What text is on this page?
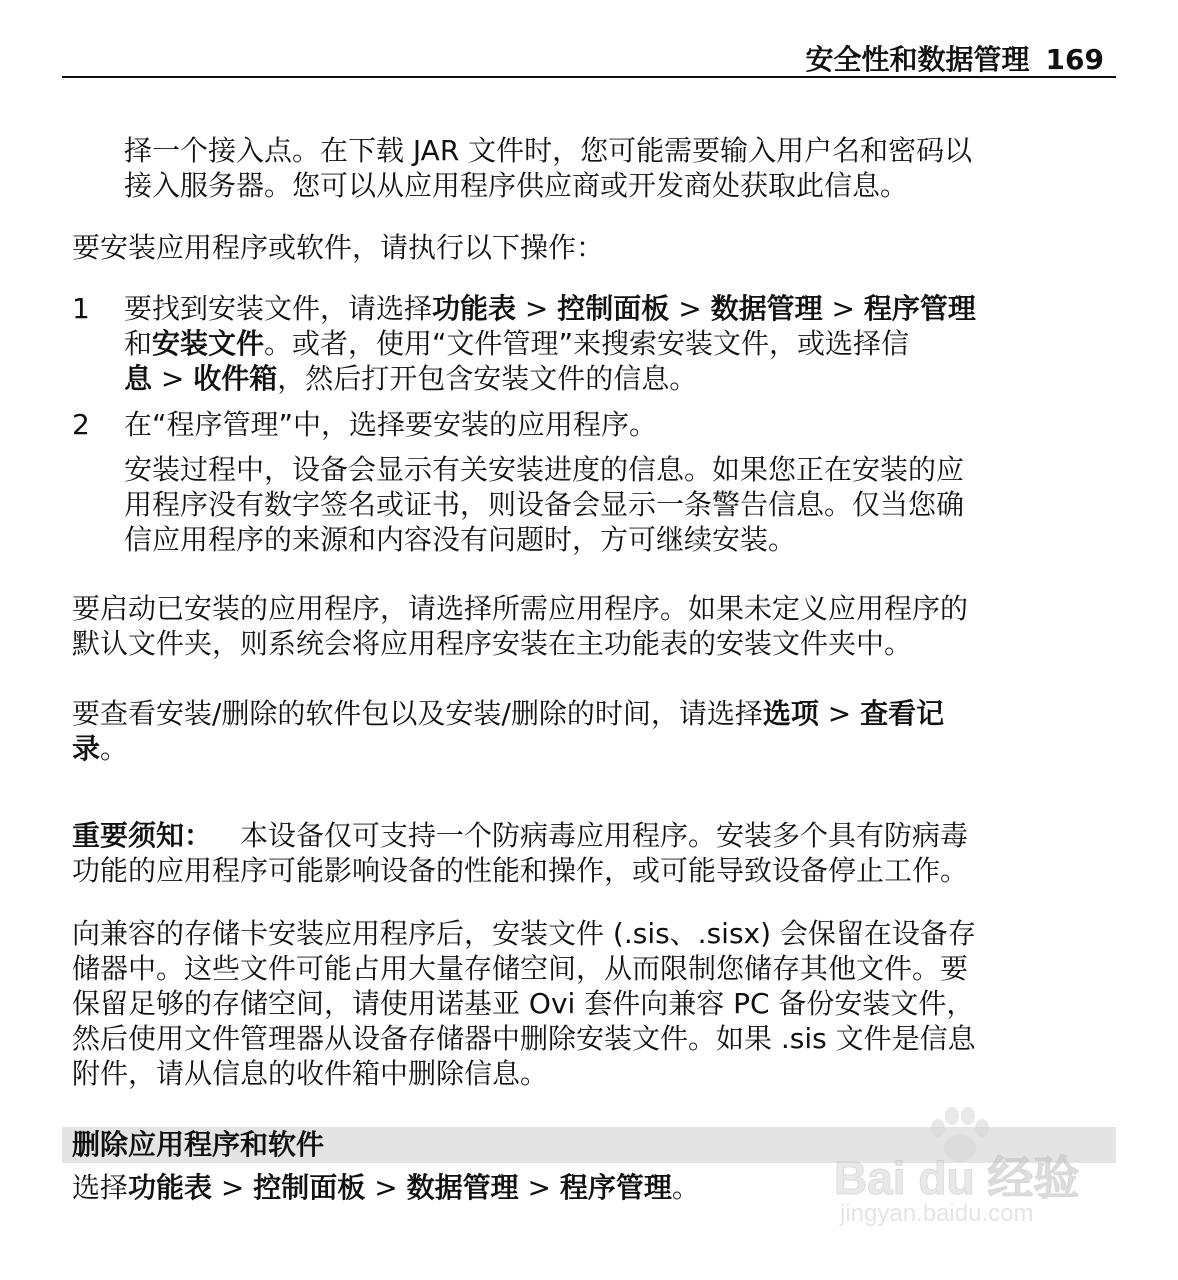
安全性和数据管理 169

择一个接入点。在下载 JAR 文件时，您可能需要输入用户名和密码以
接入服务器。您可以从应用程序供应商或开发商处获取此信息。

要安装应用程序或软件，请执行以下操作：

1	要找到安装文件，请选择功能表 > 控制面板 > 数据管理 > 程序管理
和安装文件。或者，使用“文件管理”来搜索安装文件，或选择信
息 > 收件箱，然后打开包含安装文件的信息。

2	在“程序管理”中，选择要安装的应用程序。

安装过程中，设备会显示有关安装进度的信息。如果您正在安装的应
用程序没有数字签名或证书，则设备会显示一条警告信息。仅当您确
信应用程序的来源和内容没有问题时，方可继续安装。

要启动已安装的应用程序，请选择所需应用程序。如果未定义应用程序的
默认文件夹，则系统会将应用程序安装在主功能表的安装文件夹中。

要查看安装/删除的软件包以及安装/删除的时间，请选择选项 > 查看记
录。

重要须知： 本设备仅可支持一个防病毒应用程序。安装多个具有防病毒
功能的应用程序可能影响设备的性能和操作，或可能导致设备停止工作。

向兼容的存储卡安装应用程序后，安装文件 (.sis、.sisx) 会保留在设备存
储器中。这些文件可能占用大量存储空间，从而限制您储存其他文件。要
保留足够的存储空间，请使用诺基亚 Ovi 套件向兼容 PC 备份安装文件，
然后使用文件管理器从设备存储器中删除安装文件。如果 .sis 文件是信息
附件，请从信息的收件箱中删除信息。

删除应用程序和软件

选择功能表 > 控制面板 > 数据管理 > 程序管理。	Bai du 经验
jingyan.baidu.com
